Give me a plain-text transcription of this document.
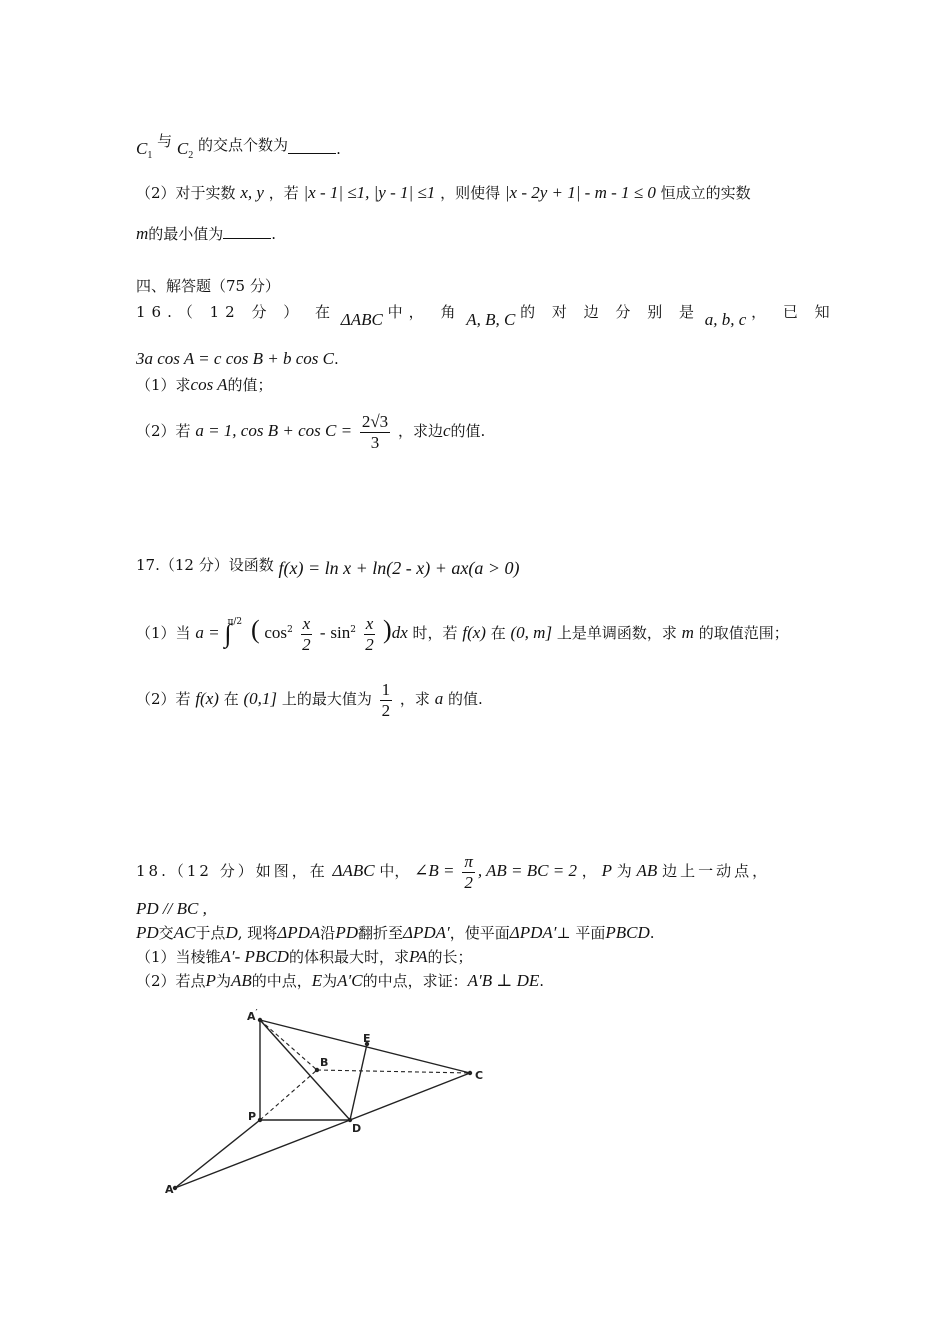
$C_1$ 与 $C_2$ 的交点个数为	.
（2）对于实数 x, y ，若 |x - 1| ≤1, |y - 1| ≤1 ，则使得 |x - 2y + 1| - m - 1 ≤ 0 恒成立的实数
m的最小值为	.
四、解答题（75 分）
16.（ 12 分 ） 在 ΔABC 中， 角 A, B, C 的 对 边 分 别 是 a, b, c ， 已 知
3a cos A = c cos B + b cos C.
（1）求cos A的值；
（2）若 a = 1, $\cos B + \cos C = \frac{2√3}{3}$ ，求边c的值.
17.（12 分）设函数 f(x) = ln x + ln(2 - x) + ax(a > 0)
（1）当 a = ∫$^{\pi/2}$ ( $\cos^2 \frac{x}{2} - \sin^2 \frac{x}{2} )dx$ 时，若 f(x) 在 (0, m] 上是单调函数，求 m 的取值范围；
（2）若 f(x) 在 (0,1] 上的最大值为 $\frac{1}{2}$ ，求 a 的值.
18.（12 分）如图，在 ΔABC 中， ∠B = $\frac{\pi}{2}$ , AB = BC = 2 ， P 为 AB 边上一动点，
PD // BC ,
PD交AC于点D, 现将ΔPDA沿PD翻折至ΔPDA′，使平面ΔPDA′⊥ 平面PBCD.
（1）当棱锥A′- PBCD的体积最大时，求PA的长；
（2）若点P为AB的中点，E为A′C的中点，求证：A′B ⊥ DE.
A′
B
E
C
P
D
A
